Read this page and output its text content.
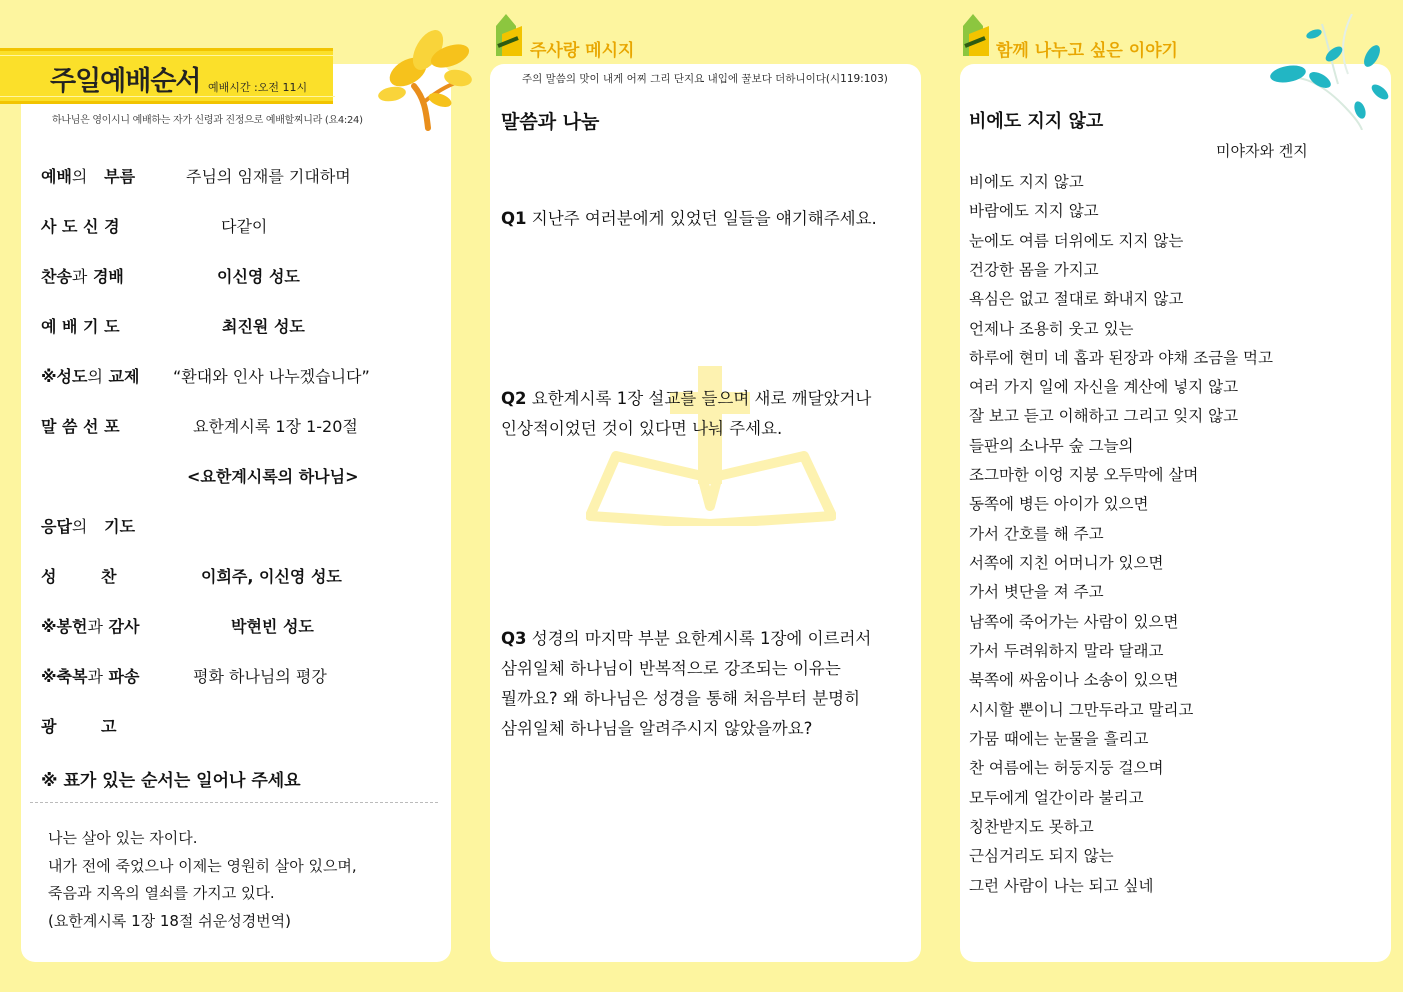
주일예배순서 예배시간 :오전 11시
하나님은 영이시니 예배하는 자가 신령과 진정으로 예배할찌니라 (요4:24)
예배의 부름	주님의 임재를 기대하며
사 도 신 경	다같이
찬송과 경배	이신영 성도
예 배 기 도	최진원 성도
※성도의 교제 “환대와 인사 나누겠습니다”
말 씀 선 포	요한계시록 1장 1-20절
<요한계시록의 하나님>
응답의 기도
성        찬	이희주, 이신영 성도
※봉헌과 감사	박현빈 성도
※축복과 파송	평화 하나님의 평강
광        고
※ 표가 있는 순서는 일어나 주세요
나는 살아 있는 자이다.
내가 전에 죽었으나 이제는 영원히 살아 있으며,
죽음과 지옥의 열쇠를 가지고 있다.
(요한계시록 1장 18절 쉬운성경번역)
주사랑 메시지
주의 말씀의 맛이 내게 어찌 그리 단지요 내입에 꿀보다 더하니이다(시119:103)
말씀과 나눔
Q1 지난주 여러분에게 있었던 일들을 얘기해주세요.
Q2 요한계시록 1장 설교를 들으며 새로 깨달았거나
인상적이었던 것이 있다면 나눠 주세요.
Q3 성경의 마지막 부분 요한계시록 1장에 이르러서
삼위일체 하나님이 반복적으로 강조되는 이유는
뭘까요? 왜 하나님은 성경을 통해 처음부터 분명히
삼위일체 하나님을 알려주시지 않았을까요?
함께 나누고 싶은 이야기
비에도 지지 않고
미야자와 겐지
비에도 지지 않고
바람에도 지지 않고
눈에도 여름 더위에도 지지 않는
건강한 몸을 가지고
욕심은 없고 절대로 화내지 않고
언제나 조용히 웃고 있는
하루에 현미 네 홉과 된장과 야채 조금을 먹고
여러 가지 일에 자신을 계산에 넣지 않고
잘 보고 듣고 이해하고 그리고 잊지 않고
들판의 소나무 숲 그늘의
조그마한 이엉 지붕 오두막에 살며
동쪽에 병든 아이가 있으면
가서 간호를 해 주고
서쪽에 지친 어머니가 있으면
가서 볏단을 져 주고
남쪽에 죽어가는 사람이 있으면
가서 두려워하지 말라 달래고
북쪽에 싸움이나 소송이 있으면
시시할 뿐이니 그만두라고 말리고
가뭄 때에는 눈물을 흘리고
찬 여름에는 허둥지둥 걸으며
모두에게 얼간이라 불리고
칭찬받지도 못하고
근심거리도 되지 않는
그런 사람이 나는 되고 싶네
